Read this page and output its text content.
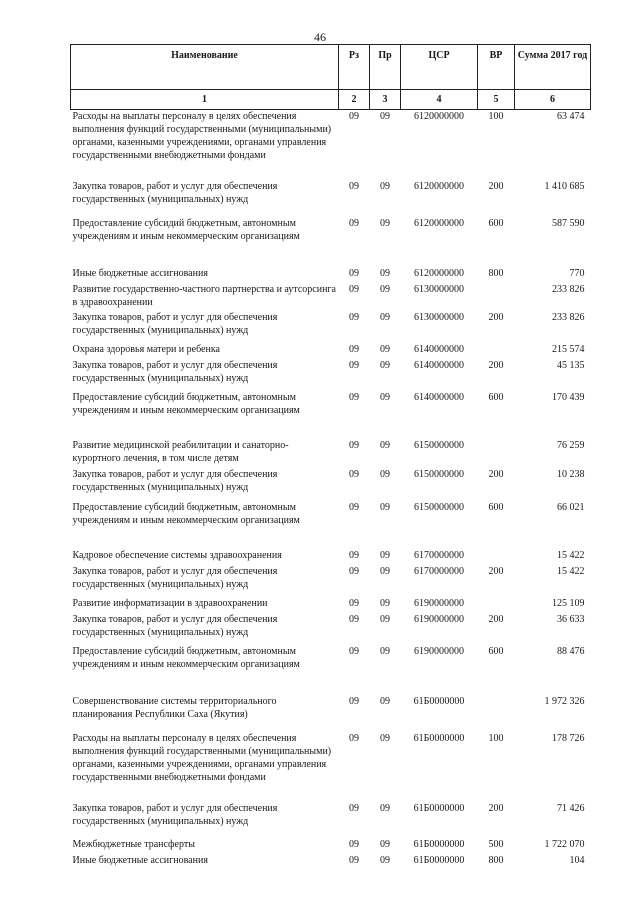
46
Наименование	Рз	Пр	ЦСР	ВР	Сумма 2017 год
1	2	3	4	5	6
Расходы на выплаты персоналу в целях обеспечения выполнения функций государственными (муниципальными) органами, казенными учреждениями, органами управления государственными внебюджетными фондами	09	09	6120000000	100	63 474
Закупка товаров, работ и услуг для обеспечения государственных (муниципальных) нужд	09	09	6120000000	200	1 410 685
Предоставление субсидий бюджетным, автономным учреждениям и иным некоммерческим организациям	09	09	6120000000	600	587 590
Иные бюджетные ассигнования	09	09	6120000000	800	770
Развитие государственно-частного партнерства и аутсорсинга в здравоохранении	09	09	6130000000		233 826
Закупка товаров, работ и услуг для обеспечения государственных (муниципальных) нужд	09	09	6130000000	200	233 826
Охрана здоровья матери и ребенка	09	09	6140000000		215 574
Закупка товаров, работ и услуг для обеспечения государственных (муниципальных) нужд	09	09	6140000000	200	45 135
Предоставление субсидий бюджетным, автономным учреждениям и иным некоммерческим организациям	09	09	6140000000	600	170 439
Развитие медицинской реабилитации и санаторно-курортного лечения, в том числе детям	09	09	6150000000		76 259
Закупка товаров, работ и услуг для обеспечения государственных (муниципальных) нужд	09	09	6150000000	200	10 238
Предоставление субсидий бюджетным, автономным учреждениям и иным некоммерческим организациям	09	09	6150000000	600	66 021
Кадровое обеспечение системы здравоохранения	09	09	6170000000		15 422
Закупка товаров, работ и услуг для обеспечения государственных (муниципальных) нужд	09	09	6170000000	200	15 422
Развитие информатизации в здравоохранении	09	09	6190000000		125 109
Закупка товаров, работ и услуг для обеспечения государственных (муниципальных) нужд	09	09	6190000000	200	36 633
Предоставление субсидий бюджетным, автономным учреждениям и иным некоммерческим организациям	09	09	6190000000	600	88 476
Совершенствование системы территориального планирования Республики Саха (Якутия)	09	09	61Б0000000		1 972 326
Расходы на выплаты персоналу в целях обеспечения выполнения функций государственными (муниципальными) органами, казенными учреждениями, органами управления государственными внебюджетными фондами	09	09	61Б0000000	100	178 726
Закупка товаров, работ и услуг для обеспечения государственных (муниципальных) нужд	09	09	61Б0000000	200	71 426
Межбюджетные трансферты	09	09	61Б0000000	500	1 722 070
Иные бюджетные ассигнования	09	09	61Б0000000	800	104
